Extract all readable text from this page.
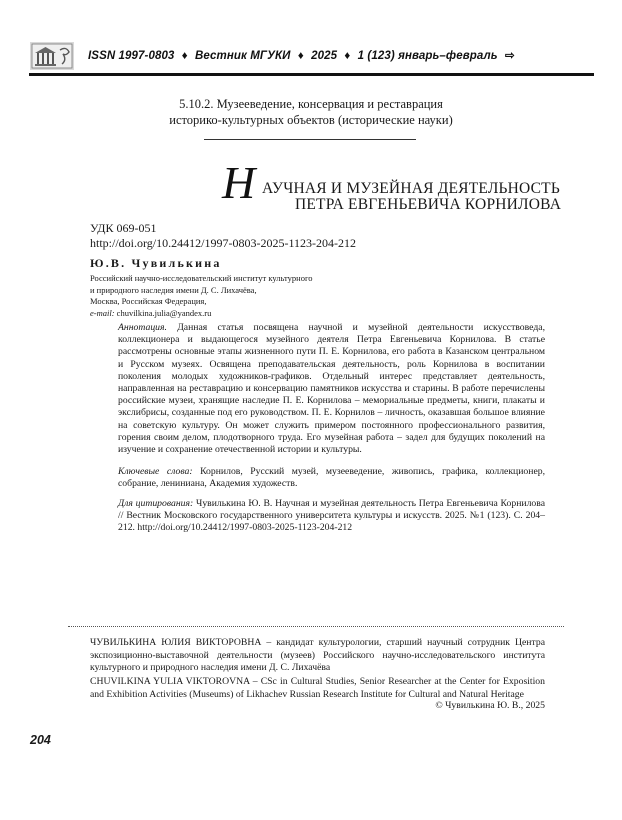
ISSN 1997-0803 ♦ Вестник МГУКИ ♦ 2025 ♦ 1 (123) январь–февраль ⇨
5.10.2. Музееведение, консервация и реставрация
историко-культурных объектов (исторические науки)
Н АУЧНАЯ И МУЗЕЙНАЯ ДЕЯТЕЛЬНОСТЬ
ПЕТРА ЕВГЕНЬЕВИЧА КОРНИЛОВА
УДК 069-051
http://doi.org/10.24412/1997-0803-2025-1123-204-212
Ю.В. Чувилькина
Российский научно-исследовательский институт культурного
и природного наследия имени Д. С. Лихачёва,
Москва, Российская Федерация,
e-mail: chuvilkina.julia@yandex.ru
Аннотация. Данная статья посвящена научной и музейной деятельности искусствоведа, коллекционера и выдающегося музейного деятеля Петра Евгеньевича Корнилова. В статье рассмотрены основные этапы жизненного пути П. Е. Корнилова, его работа в Казанском центральном и Русском музеях. Освящена преподавательская деятельность, роль Корнилова в воспитании поколения молодых художников-графиков. Отдельный интерес представляет деятельность, направленная на реставрацию и консервацию памятников искусства и старины. В работе перечислены российские музеи, хранящие наследие П. Е. Корнилова – мемориальные предметы, книги, плакаты и экслибрисы, созданные под его руководством. П. Е. Корнилов – личность, оказавшая большое влияние на советскую культуру. Он может служить примером постоянного профессионального развития, горения своим делом, плодотворного труда. Его музейная работа – задел для будущих поколений на изучение и сохранение отечественной истории и культуры.
Ключевые слова: Корнилов, Русский музей, музееведение, живопись, графика, коллекционер, собрание, лениниана, Академия художеств.
Для цитирования: Чувилькина Ю. В. Научная и музейная деятельность Петра Евгеньевича Корнилова // Вестник Московского государственного университета культуры и искусств. 2025. №1 (123). С. 204–212. http://doi.org/10.24412/1997-0803-2025-1123-204-212
ЧУВИЛЬКИНА ЮЛИЯ ВИКТОРОВНА – кандидат культурологии, старший научный сотрудник Центра экспозиционно-выставочной деятельности (музеев) Российского научно-исследовательского института культурного и природного наследия имени Д. С. Лихачёва
CHUVILKINA YULIA VIKTOROVNA – CSc in Cultural Studies, Senior Researcher at the Center for Exposition and Exhibition Activities (Museums) of Likhachev Russian Research Institute for Cultural and Natural Heritage
© Чувилькина Ю. В., 2025
204
